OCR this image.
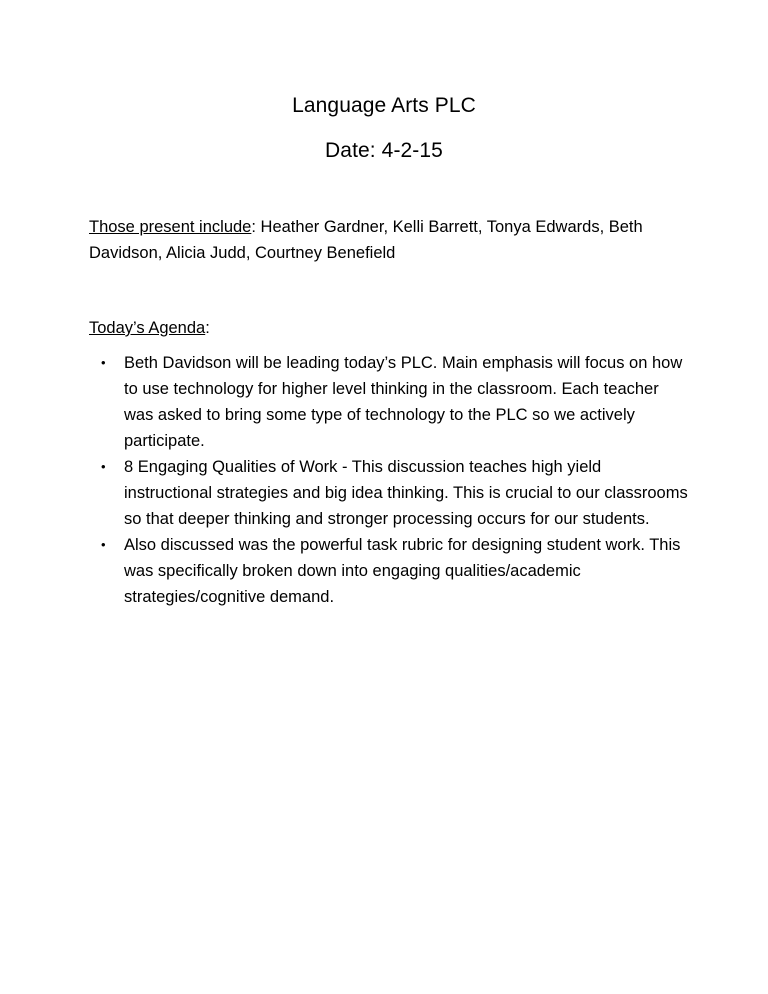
Language Arts PLC
Date: 4-2-15
Those present include: Heather Gardner, Kelli Barrett, Tonya Edwards, Beth Davidson, Alicia Judd, Courtney Benefield
Today’s Agenda:
• Beth Davidson will be leading today’s PLC. Main emphasis will focus on how to use technology for higher level thinking in the classroom. Each teacher was asked to bring some type of technology to the PLC so we actively participate.
• 8 Engaging Qualities of Work - This discussion teaches high yield instructional strategies and big idea thinking. This is crucial to our classrooms so that deeper thinking and stronger processing occurs for our students.
• Also discussed was the powerful task rubric for designing student work. This was specifically broken down into engaging qualities/academic strategies/cognitive demand.
